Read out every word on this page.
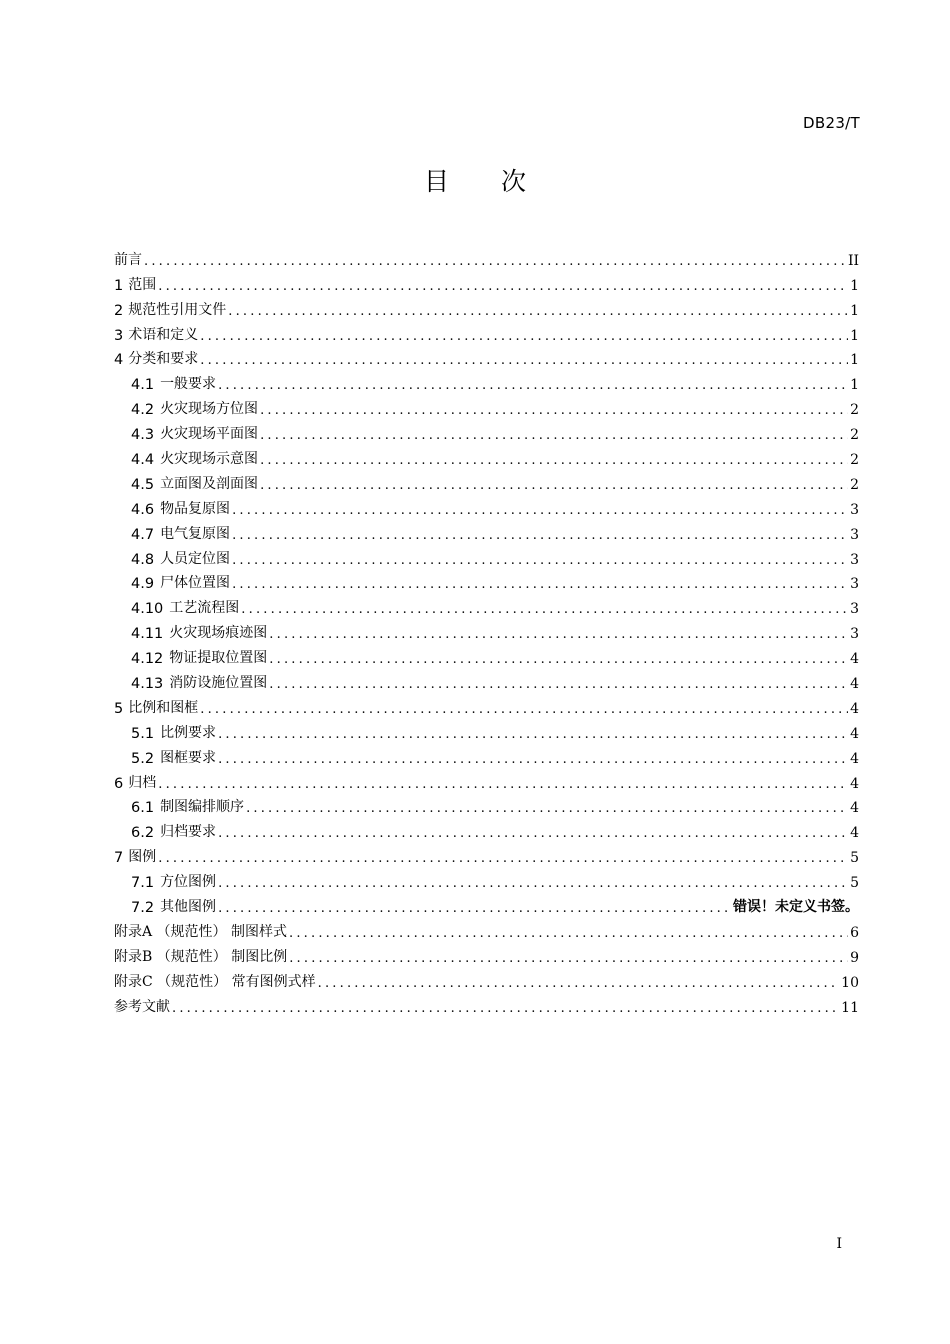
DB23/T
目 次
前言 .....	II
1 范围 .....	1
2 规范性引用文件 .....	1
3 术语和定义 .....	1
4 分类和要求 .....	1
4.1 一般要求 .....	1
4.2 火灾现场方位图 .....	2
4.3 火灾现场平面图 .....	2
4.4 火灾现场示意图 .....	2
4.5 立面图及剖面图 .....	2
4.6 物品复原图 .....	3
4.7 电气复原图 .....	3
4.8 人员定位图 .....	3
4.9 尸体位置图 .....	3
4.10 工艺流程图 .....	3
4.11 火灾现场痕迹图 .....	3
4.12 物证提取位置图 .....	4
4.13 消防设施位置图 .....	4
5 比例和图框 .....	4
5.1 比例要求 .....	4
5.2 图框要求 .....	4
6 归档 .....	4
6.1 制图编排顺序 .....	4
6.2 归档要求 .....	4
7 图例 .....	5
7.1 方位图例 .....	5
7.2 其他图例 .....	错误！未定义书签。
附录A （规范性） 制图样式 .....	6
附录B （规范性） 制图比例 .....	9
附录C （规范性） 常有图例式样 .....	10
参考文献 .....	11
I
